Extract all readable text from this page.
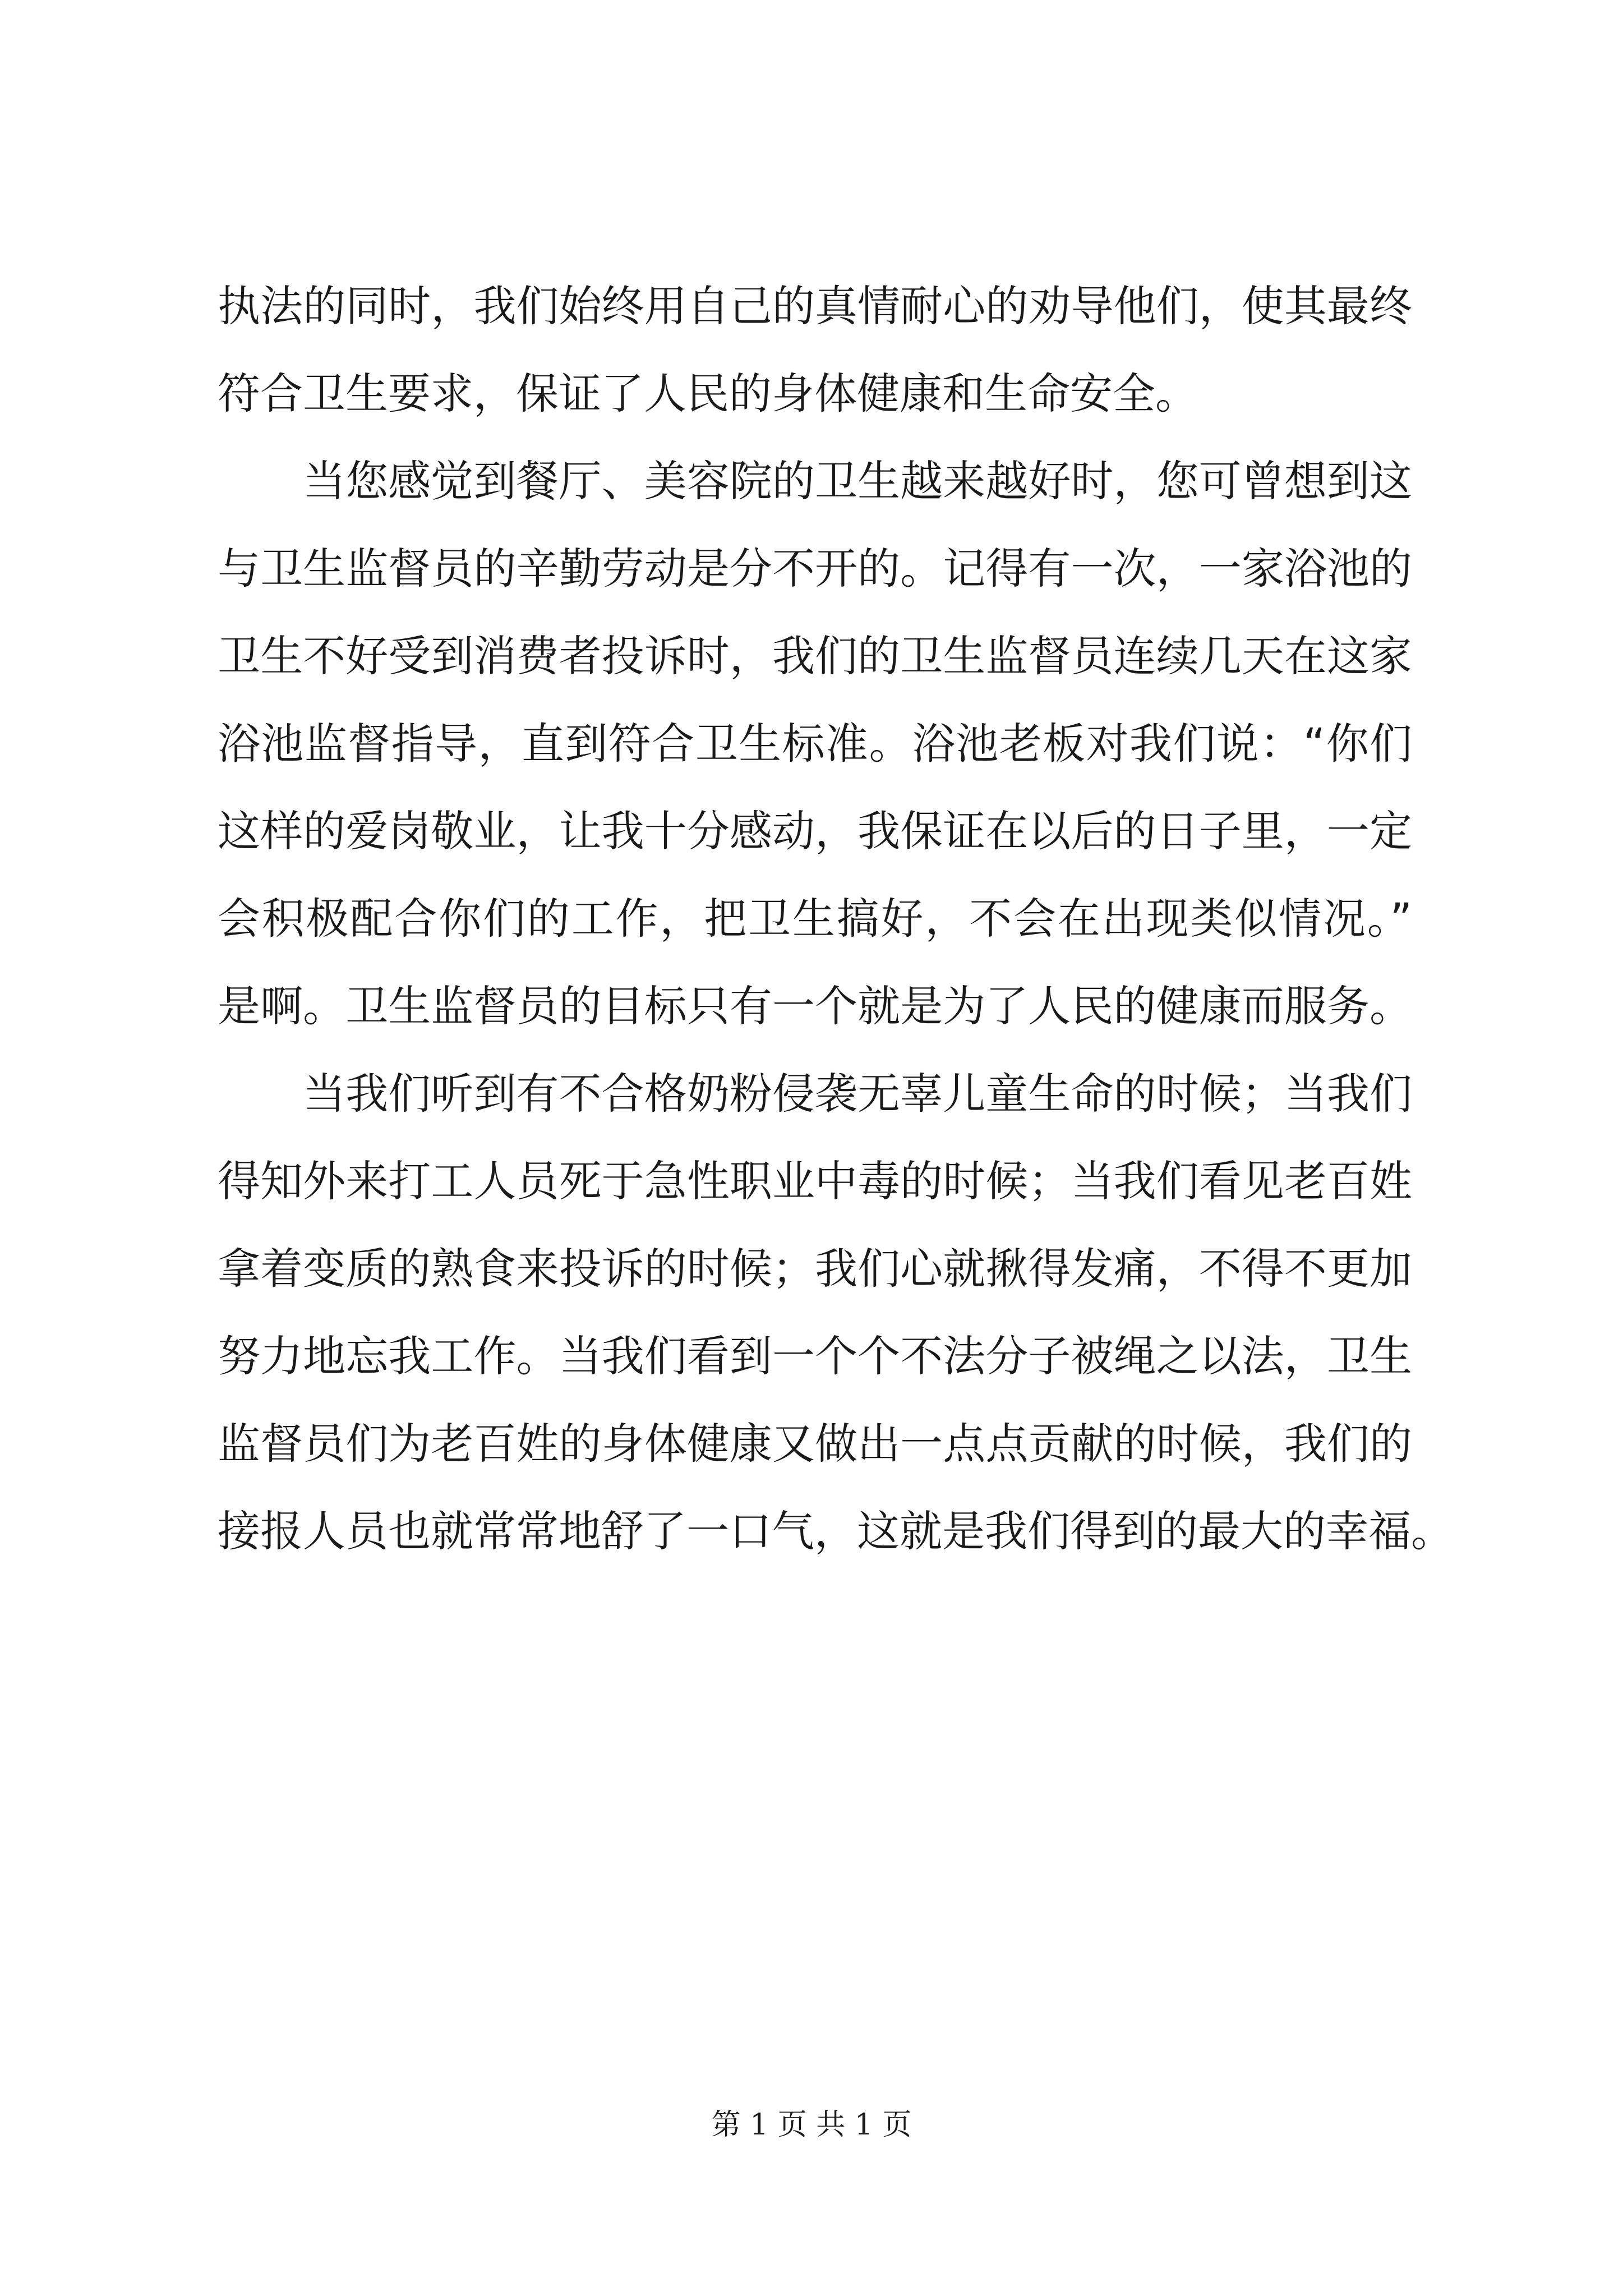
执法的同时，我们始终用自己的真情耐心的劝导他们，使其最终
符合卫生要求，保证了人民的身体健康和生命安全。
当您感觉到餐厅、美容院的卫生越来越好时，您可曾想到这
与卫生监督员的辛勤劳动是分不开的。记得有一次，一家浴池的
卫生不好受到消费者投诉时，我们的卫生监督员连续几天在这家
浴池监督指导，直到符合卫生标准。浴池老板对我们说：“你们
这样的爱岗敬业，让我十分感动，我保证在以后的日子里，一定
会积极配合你们的工作，把卫生搞好，不会在出现类似情况。”
是啊。卫生监督员的目标只有一个就是为了人民的健康而服务。
当我们听到有不合格奶粉侵袭无辜儿童生命的时候；当我们
得知外来打工人员死于急性职业中毒的时候；当我们看见老百姓
拿着变质的熟食来投诉的时候；我们心就揪得发痛，不得不更加
努力地忘我工作。当我们看到一个个不法分子被绳之以法，卫生
监督员们为老百姓的身体健康又做出一点点贡献的时候，我们的
接报人员也就常常地舒了一口气，这就是我们得到的最大的幸福。
第 1 页 共 1 页
